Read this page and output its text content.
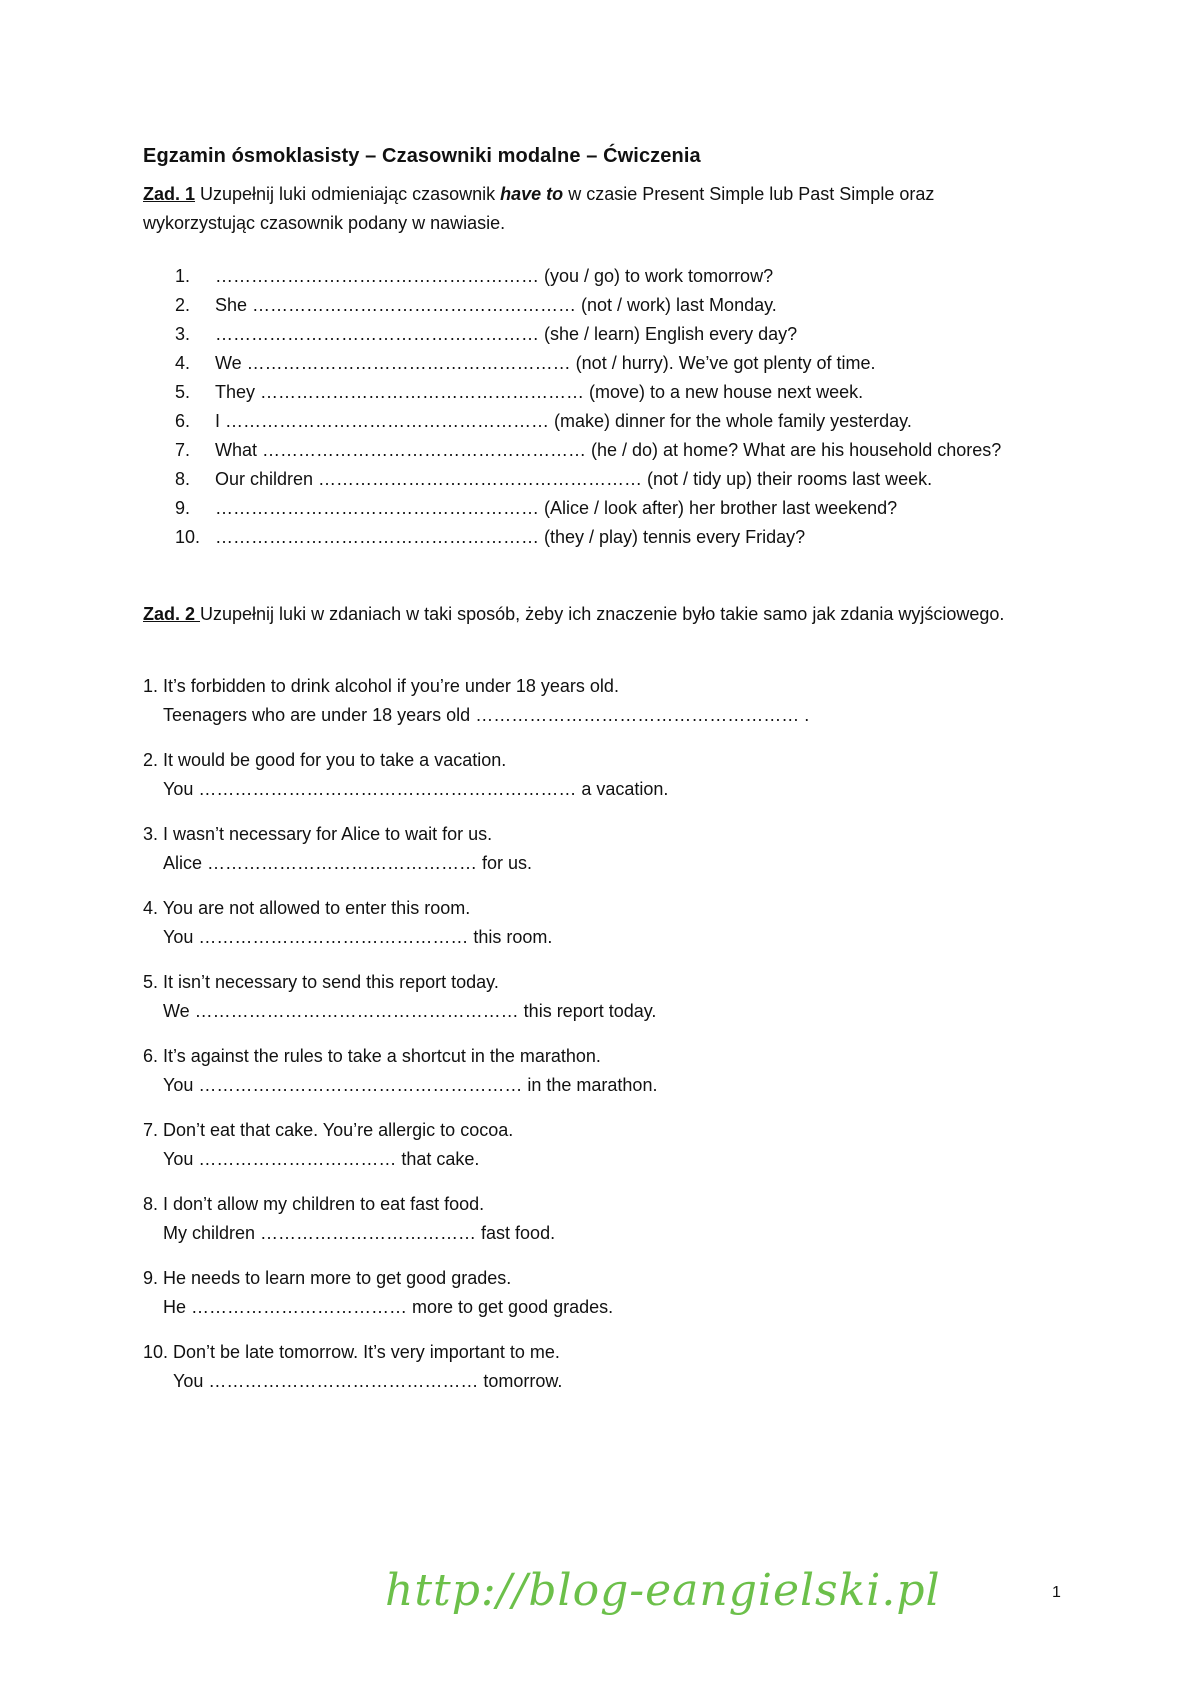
Egzamin ósmoklasisty – Czasowniki modalne – Ćwiczenia
Zad. 1 Uzupełnij luki odmieniając czasownik have to w czasie Present Simple lub Past Simple oraz wykorzystując czasownik podany w nawiasie.
1. ……………………………………………… (you / go) to work tomorrow?
2. She ……………………………………………… (not / work) last Monday.
3. ……………………………………………… (she / learn) English every day?
4. We ……………………………………………… (not / hurry). We’ve got plenty of time.
5. They ……………………………………………… (move) to a new house next week.
6. I ……………………………………………… (make) dinner for the whole family yesterday.
7. What ……………………………………………… (he / do) at home? What are his household chores?
8. Our children ……………………………………………… (not / tidy up) their rooms last week.
9. ……………………………………………… (Alice / look after) her brother last weekend?
10. ……………………………………………… (they / play) tennis every Friday?
Zad. 2 Uzupełnij luki w zdaniach w taki sposób, żeby ich znaczenie było takie samo jak zdania wyjściowego.
1. It’s forbidden to drink alcohol if you’re under 18 years old.
Teenagers who are under 18 years old ……………………………………………… .
2. It would be good for you to take a vacation.
You ……………………………………………………… a vacation.
3. I wasn’t necessary for Alice to wait for us.
Alice ……………………………………… for us.
4. You are not allowed to enter this room.
You ……………………………………… this room.
5. It isn’t necessary to send this report today.
We ……………………………………………… this report today.
6. It’s against the rules to take a shortcut in the marathon.
You ……………………………………………… in the marathon.
7. Don’t eat that cake. You’re allergic to cocoa.
You …………………………… that cake.
8. I don’t allow my children to eat fast food.
My children ……………………………… fast food.
9. He needs to learn more to get good grades.
He ……………………………… more to get good grades.
10. Don’t be late tomorrow. It’s very important to me.
You ……………………………………… tomorrow.
http://blog-eangielski.pl	1
